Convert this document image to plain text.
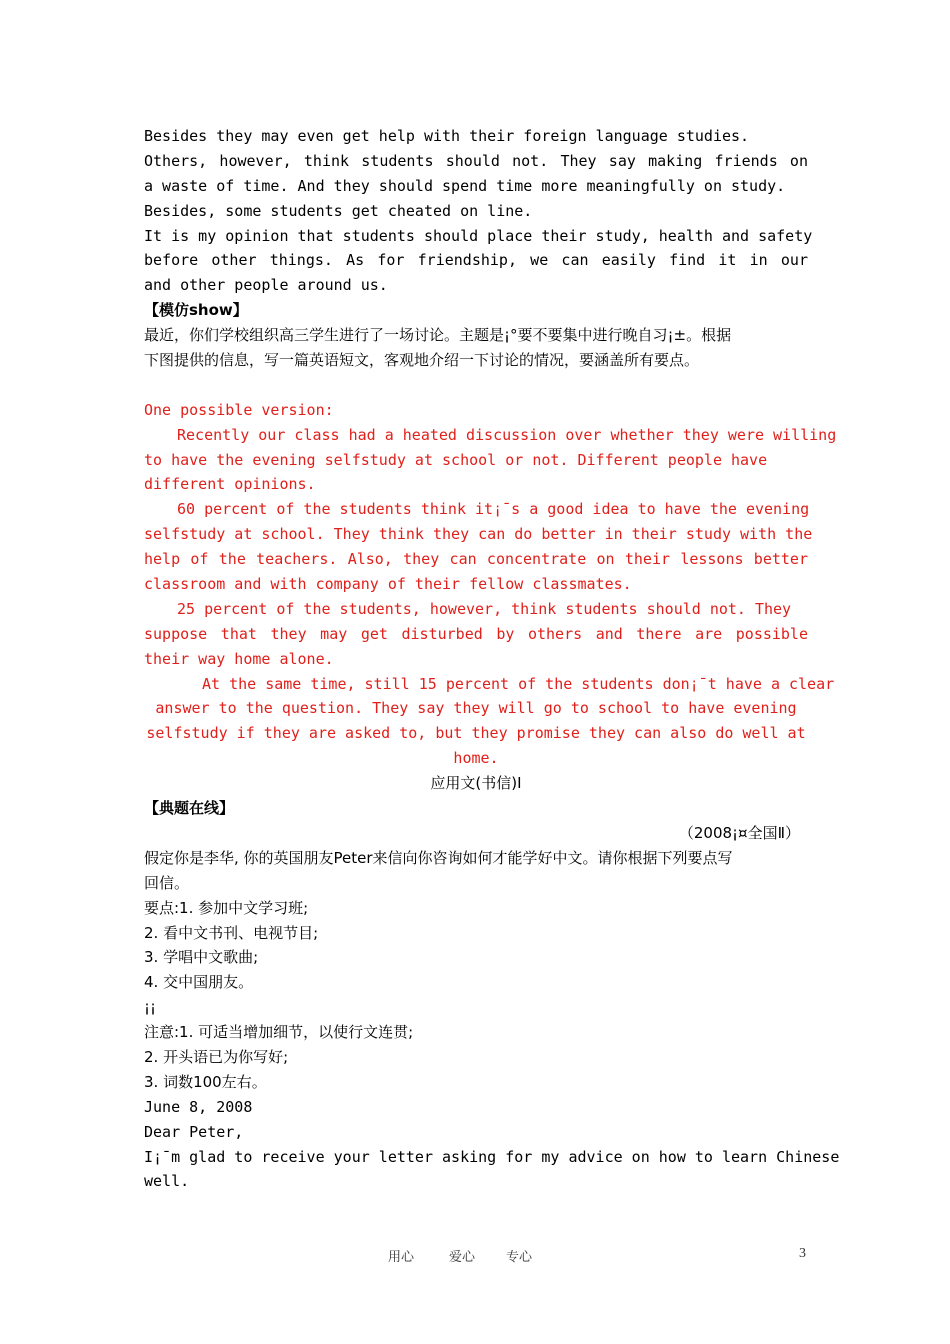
Besides they may even get help with their foreign language studies.
Others, however, think students should not. They say making friends on
a waste of time. And they should spend time more meaningfully on study.
Besides, some students get cheated on line.
It is my opinion that students should place their study, health and safety
before other things. As for friendship, we can easily find it in our
and other people around us.
【模仿show】
最近，你们学校组织高三学生进行了一场讨论。主题是¡°要不要集中进行晚自习¡±。根据
下图提供的信息，写一篇英语短文，客观地介绍一下讨论的情况，要涵盖所有要点。
One possible version:
Recently our class had a heated discussion over whether they were willing
to have the evening selfstudy at school or not. Different people have
different opinions.
60 percent of the students think it¡¯s a good idea to have the evening
selfstudy at school. They think they can do better in their study with the
help of the teachers. Also, they can concentrate on their lessons better
classroom and with company of their fellow classmates.
25 percent of the students, however, think students should not. They
suppose that they may get disturbed by others and there are possible
their way home alone.
At the same time, still 15 percent of the students don¡¯t have a clear
answer to the question. They say they will go to school to have evening
selfstudy if they are asked to, but they promise they can also do well at
home.
应用文(书信)Ⅰ
【典题在线】
（2008¡¤全国Ⅱ）
假定你是李华, 你的英国朋友Peter来信向你咨询如何才能学好中文。请你根据下列要点写
回信。
要点:1. 参加中文学习班;
2. 看中文书刊、电视节目;
3. 学唱中文歌曲;
4. 交中国朋友。
¡¡
注意:1. 可适当增加细节，以使行文连贯;
2. 开头语已为你写好;
3. 词数100左右。
June 8, 2008
Dear Peter,
I¡¯m glad to receive your letter asking for my advice on how to learn Chinese
well.
用心	爱心 专心	3
